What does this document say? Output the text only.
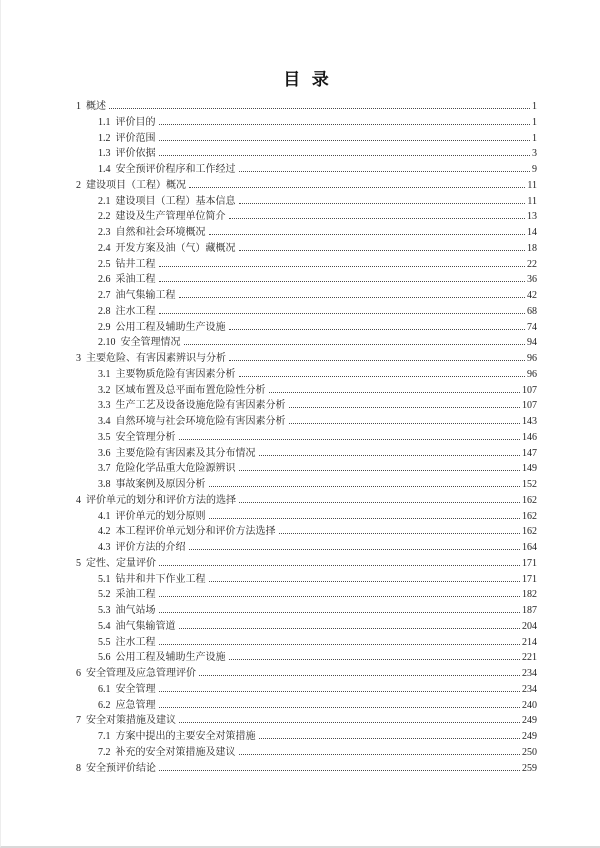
目  录
1 概述	1
1.1 评价目的	1
1.2 评价范围	1
1.3 评价依据	3
1.4 安全预评价程序和工作经过	9
2 建设项目（工程）概况	11
2.1 建设项目（工程）基本信息	11
2.2 建设及生产管理单位简介	13
2.3 自然和社会环境概况	14
2.4 开发方案及油（气）藏概况	18
2.5 钻井工程	22
2.6 采油工程	36
2.7 油气集输工程	42
2.8 注水工程	68
2.9 公用工程及辅助生产设施	74
2.10 安全管理情况	94
3 主要危险、有害因素辨识与分析	96
3.1 主要物质危险有害因素分析	96
3.2 区域布置及总平面布置危险性分析	107
3.3 生产工艺及设备设施危险有害因素分析	107
3.4 自然环境与社会环境危险有害因素分析	143
3.5 安全管理分析	146
3.6 主要危险有害因素及其分布情况	147
3.7 危险化学品重大危险源辨识	149
3.8 事故案例及原因分析	152
4 评价单元的划分和评价方法的选择	162
4.1 评价单元的划分原则	162
4.2 本工程评价单元划分和评价方法选择	162
4.3 评价方法的介绍	164
5 定性、定量评价	171
5.1 钻井和井下作业工程	171
5.2 采油工程	182
5.3 油气站场	187
5.4 油气集输管道	204
5.5 注水工程	214
5.6 公用工程及辅助生产设施	221
6 安全管理及应急管理评价	234
6.1 安全管理	234
6.2 应急管理	240
7 安全对策措施及建议	249
7.1 方案中提出的主要安全对策措施	249
7.2 补充的安全对策措施及建议	250
8 安全预评价结论	259
